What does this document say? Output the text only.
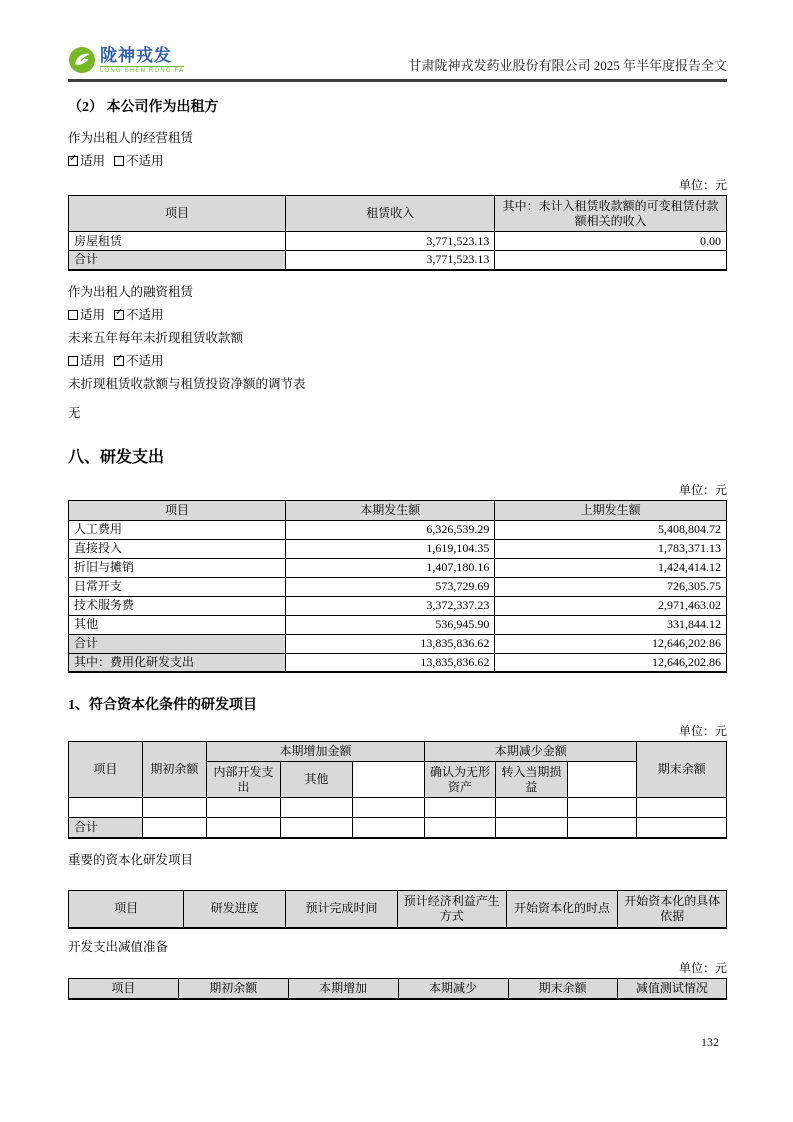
陇神戎发
LONG SHEN RONG FA	甘肃陇神戎发药业股份有限公司 2025 年半年度报告全文
（2） 本公司作为出租方

作为出租人的经营租赁

✓适用 不适用

单位：元
项目	租赁收入	其中：未计入租赁收款额的可变租赁付款额相关的收入
房屋租赁	3,771,523.13	0.00
合计	3,771,523.13	

作为出租人的融资租赁

适用 ✓ 不适用

未来五年每年未折现租赁收款额

适用 ✓ 不适用

未折现租赁收款额与租赁投资净额的调节表

无

八、研发支出
单位：元
项目	本期发生额	上期发生额
人工费用	6,326,539.29	5,408,804.72
直接投入	1,619,104.35	1,783,371.13
折旧与摊销	1,407,180.16	1,424,414.12
日常开支	573,729.69	726,305.75
技术服务费	3,372,337.23	2,971,463.02
其他	536,945.90	331,844.12
合计	13,835,836.62	12,646,202.86
其中：费用化研发支出	13,835,836.62	12,646,202.86
1、符合资本化条件的研发项目
单位：元
项目	期初余额	本期增加金额			本期减少金额			期末余额
		内部开发支出	其他		确认为无形资产	转入当期损益		

合计								

重要的资本化研发项目

项目	研发进度	预计完成时间	预计经济利益产生方式	开始资本化的时点	开始资本化的具体依据

开发支出减值准备

单位：元
项目	期初余额	本期增加	本期减少	期末余额	减值测试情况
132
